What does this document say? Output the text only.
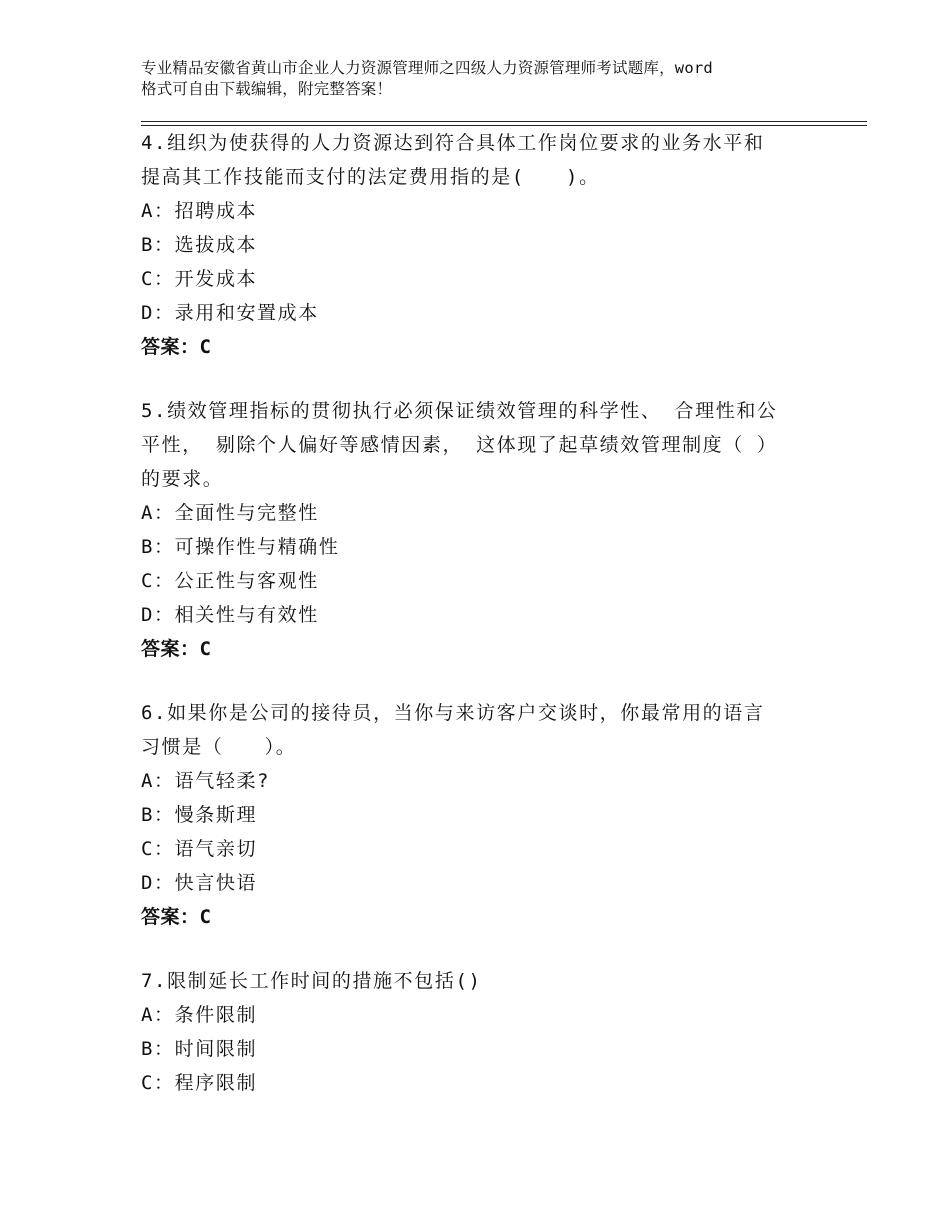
专业精品安徽省黄山市企业人力资源管理师之四级人力资源管理师考试题库，word
格式可自由下载编辑，附完整答案！
4.组织为使获得的人力资源达到符合具体工作岗位要求的业务水平和
提高其工作技能而支付的法定费用指的是(　　)。
A：招聘成本
B：选拔成本
C：开发成本
D：录用和安置成本
答案：C
5.绩效管理指标的贯彻执行必须保证绩效管理的科学性、 合理性和公
平性， 剔除个人偏好等感情因素， 这体现了起草绩效管理制度（ ）
的要求。
A：全面性与完整性
B：可操作性与精确性
C：公正性与客观性
D：相关性与有效性
答案：C
6.如果你是公司的接待员，当你与来访客户交谈时，你最常用的语言
习惯是（　　）。
A：语气轻柔?
B：慢条斯理
C：语气亲切
D：快言快语
答案：C
7.限制延长工作时间的措施不包括()
A：条件限制
B：时间限制
C：程序限制
